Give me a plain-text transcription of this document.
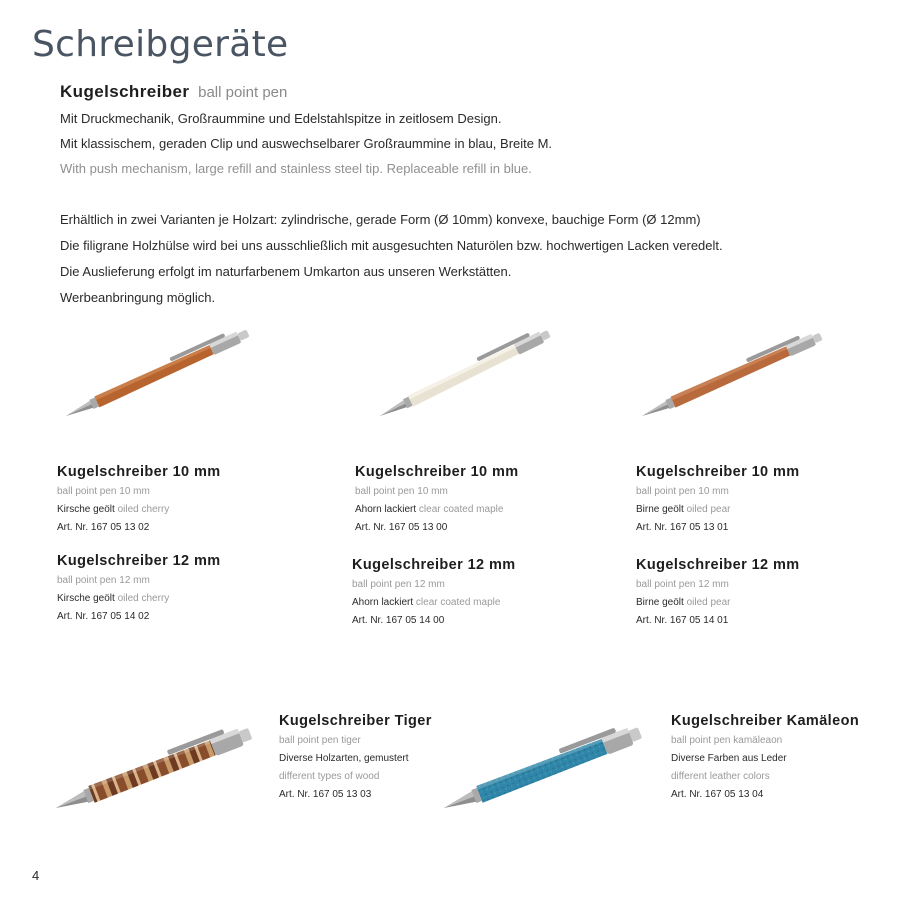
Schreibgeräte
Kugelschreiber ball point pen
Mit Druckmechanik, Großraummine und Edelstahlspitze in zeitlosem Design.
Mit klassischem, geraden Clip und auswechselbarer Großraummine in blau, Breite M.
With push mechanism, large refill and stainless steel tip. Replaceable refill in blue.
Erhältlich in zwei Varianten je Holzart: zylindrische, gerade Form (Ø 10mm) konvexe, bauchige Form (Ø 12mm)
Die filigrane Holzhülse wird bei uns ausschließlich mit ausgesuchten Naturölen bzw. hochwertigen Lacken veredelt.
Die Auslieferung erfolgt im naturfarbenem Umkarton aus unseren Werkstätten.
Werbeanbringung möglich.
Kugelschreiber 10 mm
ball point pen 10 mm
Kirsche geölt oiled cherry
Art. Nr. 167 05 13 02
Kugelschreiber 12 mm
ball point pen 12 mm
Kirsche geölt oiled cherry
Art. Nr. 167 05 14 02
Kugelschreiber 10 mm
ball point pen 10 mm
Ahorn lackiert clear coated maple
Art. Nr. 167 05 13 00
Kugelschreiber 12 mm
ball point pen 12 mm
Ahorn lackiert clear coated maple
Art. Nr. 167 05 14 00
Kugelschreiber 10 mm
ball point pen 10 mm
Birne geölt oiled pear
Art. Nr. 167 05 13 01
Kugelschreiber 12 mm
ball point pen 12 mm
Birne geölt oiled pear
Art. Nr. 167 05 14 01
Kugelschreiber Tiger
ball point pen tiger
Diverse Holzarten, gemustert
different types of wood
Art. Nr. 167 05 13 03
Kugelschreiber Kamäleon
ball point pen kamäleaon
Diverse Farben aus Leder
different leather colors
Art. Nr. 167 05 13 04
4
